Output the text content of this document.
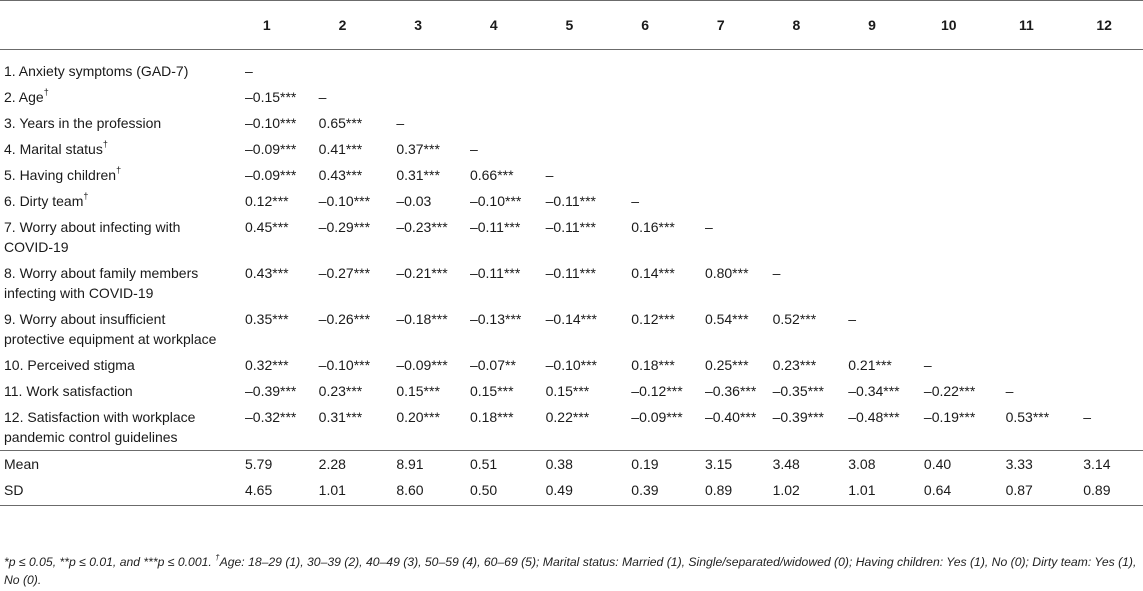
	1	2	3	4	5	6	7	8	9	10	11	12
1. Anxiety symptoms (GAD-7)	–											
2. Age†	–0.15***	–										
3. Years in the profession	–0.10***	0.65***	–									
4. Marital status†	–0.09***	0.41***	0.37***	–								
5. Having children†	–0.09***	0.43***	0.31***	0.66***	–							
6. Dirty team†	0.12***	–0.10***	–0.03	–0.10***	–0.11***	–						
7. Worry about infecting with COVID-19	0.45***	–0.29***	–0.23***	–0.11***	–0.11***	0.16***	–					
8. Worry about family members infecting with COVID-19	0.43***	–0.27***	–0.21***	–0.11***	–0.11***	0.14***	0.80***	–				
9. Worry about insufficient protective equipment at workplace	0.35***	–0.26***	–0.18***	–0.13***	–0.14***	0.12***	0.54***	0.52***	–			
10. Perceived stigma	0.32***	–0.10***	–0.09***	–0.07**	–0.10***	0.18***	0.25***	0.23***	0.21***	–		
11. Work satisfaction	–0.39***	0.23***	0.15***	0.15***	0.15***	–0.12***	–0.36***	–0.35***	–0.34***	–0.22***	–	
12. Satisfaction with workplace pandemic control guidelines	–0.32***	0.31***	0.20***	0.18***	0.22***	–0.09***	–0.40***	–0.39***	–0.48***	–0.19***	0.53***	–
Mean	5.79	2.28	8.91	0.51	0.38	0.19	3.15	3.48	3.08	0.40	3.33	3.14
SD	4.65	1.01	8.60	0.50	0.49	0.39	0.89	1.02	1.01	0.64	0.87	0.89
*p ≤ 0.05, **p ≤ 0.01, and ***p ≤ 0.001. †Age: 18–29 (1), 30–39 (2), 40–49 (3), 50–59 (4), 60–69 (5); Marital status: Married (1), Single/separated/widowed (0); Having children: Yes (1), No (0); Dirty team: Yes (1), No (0).
